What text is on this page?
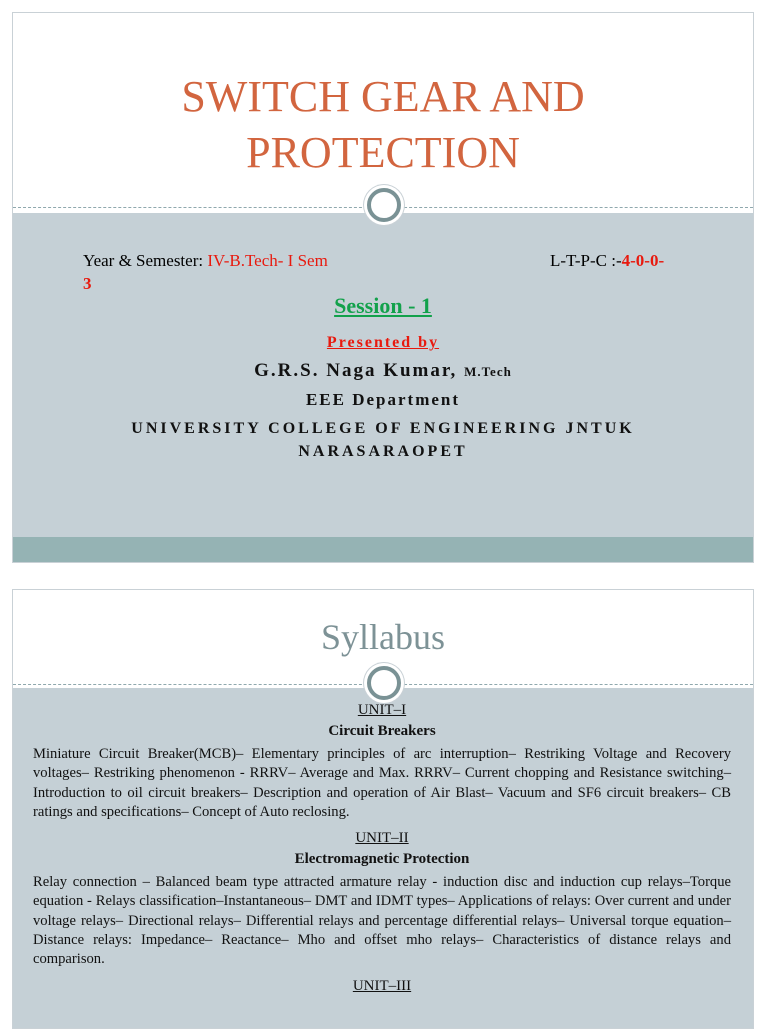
SWITCH GEAR AND
PROTECTION
Year & Semester: IV-B.Tech- I Sem	L-T-P-C :-4-0-0-
3
Session - 1
Presented by
G.R.S. Naga Kumar, M.Tech
EEE Department
UNIVERSITY COLLEGE OF ENGINEERING JNTUK NARASARAOPET
Syllabus

UNIT–I

Circuit Breakers

Miniature Circuit Breaker(MCB)– Elementary principles of arc interruption– Restriking Voltage and Recovery voltages– Restriking phenomenon - RRRV– Average and Max. RRRV– Current chopping and Resistance switching– Introduction to oil circuit breakers– Description and operation of Air Blast– Vacuum and SF6 circuit breakers– CB ratings and specifications– Concept of Auto reclosing.

UNIT–II

Electromagnetic Protection

Relay connection – Balanced beam type attracted armature relay - induction disc and induction cup relays–Torque equation - Relays classification–Instantaneous– DMT and IDMT types– Applications of relays: Over current and under voltage relays– Directional relays– Differential relays and percentage differential relays– Universal torque equation– Distance relays: Impedance– Reactance– Mho and offset mho relays– Characteristics of distance relays and comparison.

UNIT–III
